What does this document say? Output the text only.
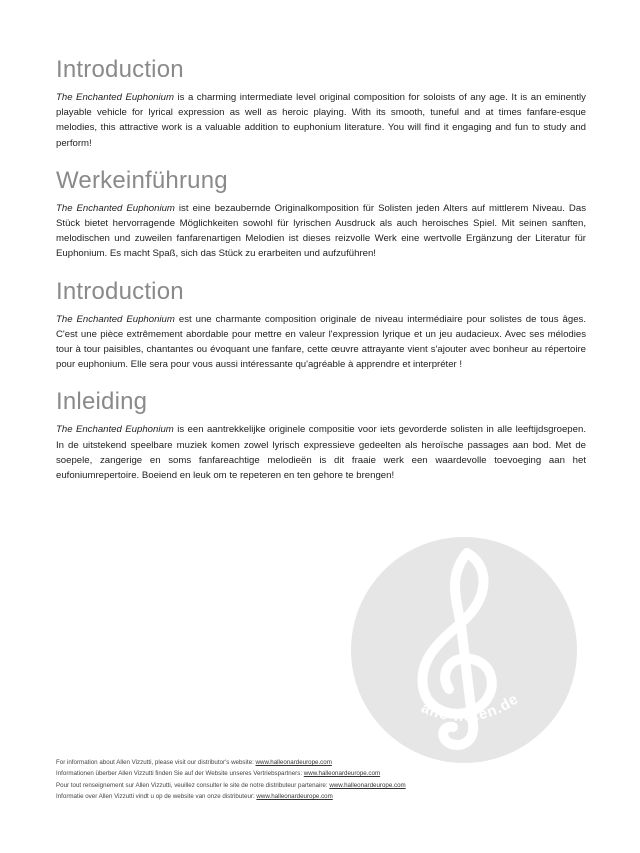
Introduction

The Enchanted Euphonium is a charming intermediate level original composition for soloists of any age. It is an eminently playable vehicle for lyrical expression as well as heroic playing. With its smooth, tuneful and at times fanfare-esque melodies, this attractive work is a valuable addition to euphonium literature. You will find it engaging and fun to study and perform!

Werkeinführung

The Enchanted Euphonium ist eine bezaubernde Originalkomposition für Solisten jeden Alters auf mittlerem Niveau. Das Stück bietet hervorragende Möglichkeiten sowohl für lyrischen Ausdruck als auch heroisches Spiel. Mit seinen sanften, melodischen und zuweilen fanfarenartigen Melodien ist dieses reizvolle Werk eine wertvolle Ergänzung der Literatur für Euphonium. Es macht Spaß, sich das Stück zu erarbeiten und aufzuführen!

Introduction

The Enchanted Euphonium est une charmante composition originale de niveau intermédiaire pour solistes de tous âges. C'est une pièce extrêmement abordable pour mettre en valeur l'expression lyrique et un jeu audacieux. Avec ses mélodies tour à tour paisibles, chantantes ou évoquant une fanfare, cette œuvre attrayante vient s'ajouter avec bonheur au répertoire pour euphonium. Elle sera pour vous aussi intéressante qu'agréable à apprendre et interpréter !

Inleiding

The Enchanted Euphonium is een aantrekkelijke originele compositie voor iets gevorderde solisten in alle leeftijdsgroepen. In de uitstekend speelbare muziek komen zowel lyrisch expressieve gedeelten als heroïsche passages aan bod. Met de soepele, zangerige en soms fanfareachtige melodieën is dit fraaie werk een waardevolle toevoeging aan het eufoniumrepertoire. Boeiend en leuk om te repeteren en ten gehore te brengen!

alle-noten.de
For information about Allen Vizzutti, please visit our distributor's website: www.halleonardeurope.com
Informationen überber Allen Vizzutti finden Sie auf der Website unseres Vertriebspartners: www.halleonardeurope.com
Pour tout renseignement sur Allen Vizzutti, veuillez consulter le site de notre distributeur partenaire: www.halleonardeurope.com
Informatie over Allen Vizzutti vindt u op de website van onze distributeur: www.halleonardeurope.com
